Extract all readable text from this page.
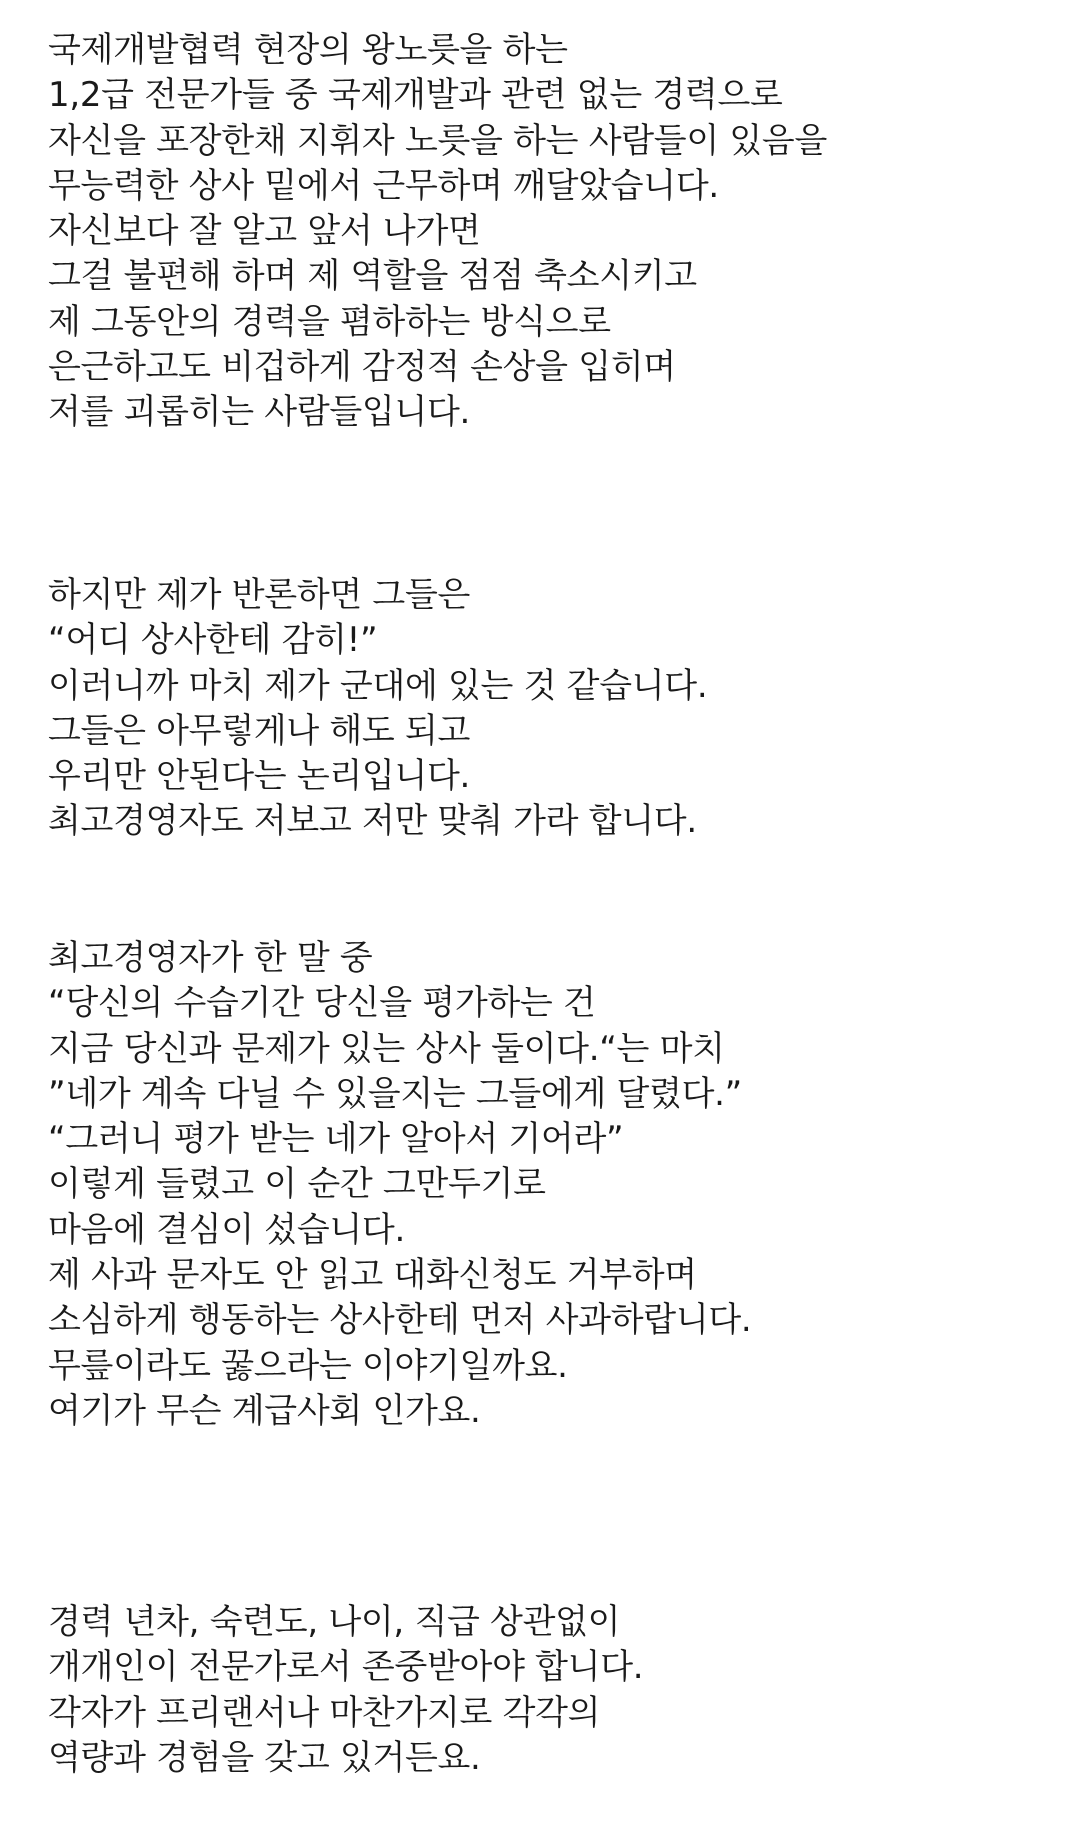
국제개발협력 현장의 왕노릇을 하는
1,2급 전문가들 중 국제개발과 관련 없는 경력으로
자신을 포장한채 지휘자 노릇을 하는 사람들이 있음을
무능력한 상사 밑에서 근무하며 깨달았습니다.
자신보다 잘 알고 앞서 나가면
그걸 불편해 하며 제 역할을 점점 축소시키고
제 그동안의 경력을 폄하하는 방식으로
은근하고도 비겁하게 감정적 손상을 입히며
저를 괴롭히는 사람들입니다.
하지만 제가 반론하면 그들은
“어디 상사한테 감히!”
이러니까 마치 제가 군대에 있는 것 같습니다.
그들은 아무렇게나 해도 되고
우리만 안된다는 논리입니다.
최고경영자도 저보고 저만 맞춰 가라 합니다.
최고경영자가 한 말 중
“당신의 수습기간 당신을 평가하는 건
지금 당신과 문제가 있는 상사 둘이다.“는 마치
”네가 계속 다닐 수 있을지는 그들에게 달렸다.”
“그러니 평가 받는 네가 알아서 기어라”
이렇게 들렸고 이 순간 그만두기로
마음에 결심이 섰습니다.
제 사과 문자도 안 읽고 대화신청도 거부하며
소심하게 행동하는 상사한테 먼저 사과하랍니다.
무릎이라도 꿇으라는 이야기일까요.
여기가 무슨 계급사회 인가요.
경력 년차, 숙련도, 나이, 직급 상관없이
개개인이 전문가로서 존중받아야 합니다.
각자가 프리랜서나 마찬가지로 각각의
역량과 경험을 갖고 있거든요.
